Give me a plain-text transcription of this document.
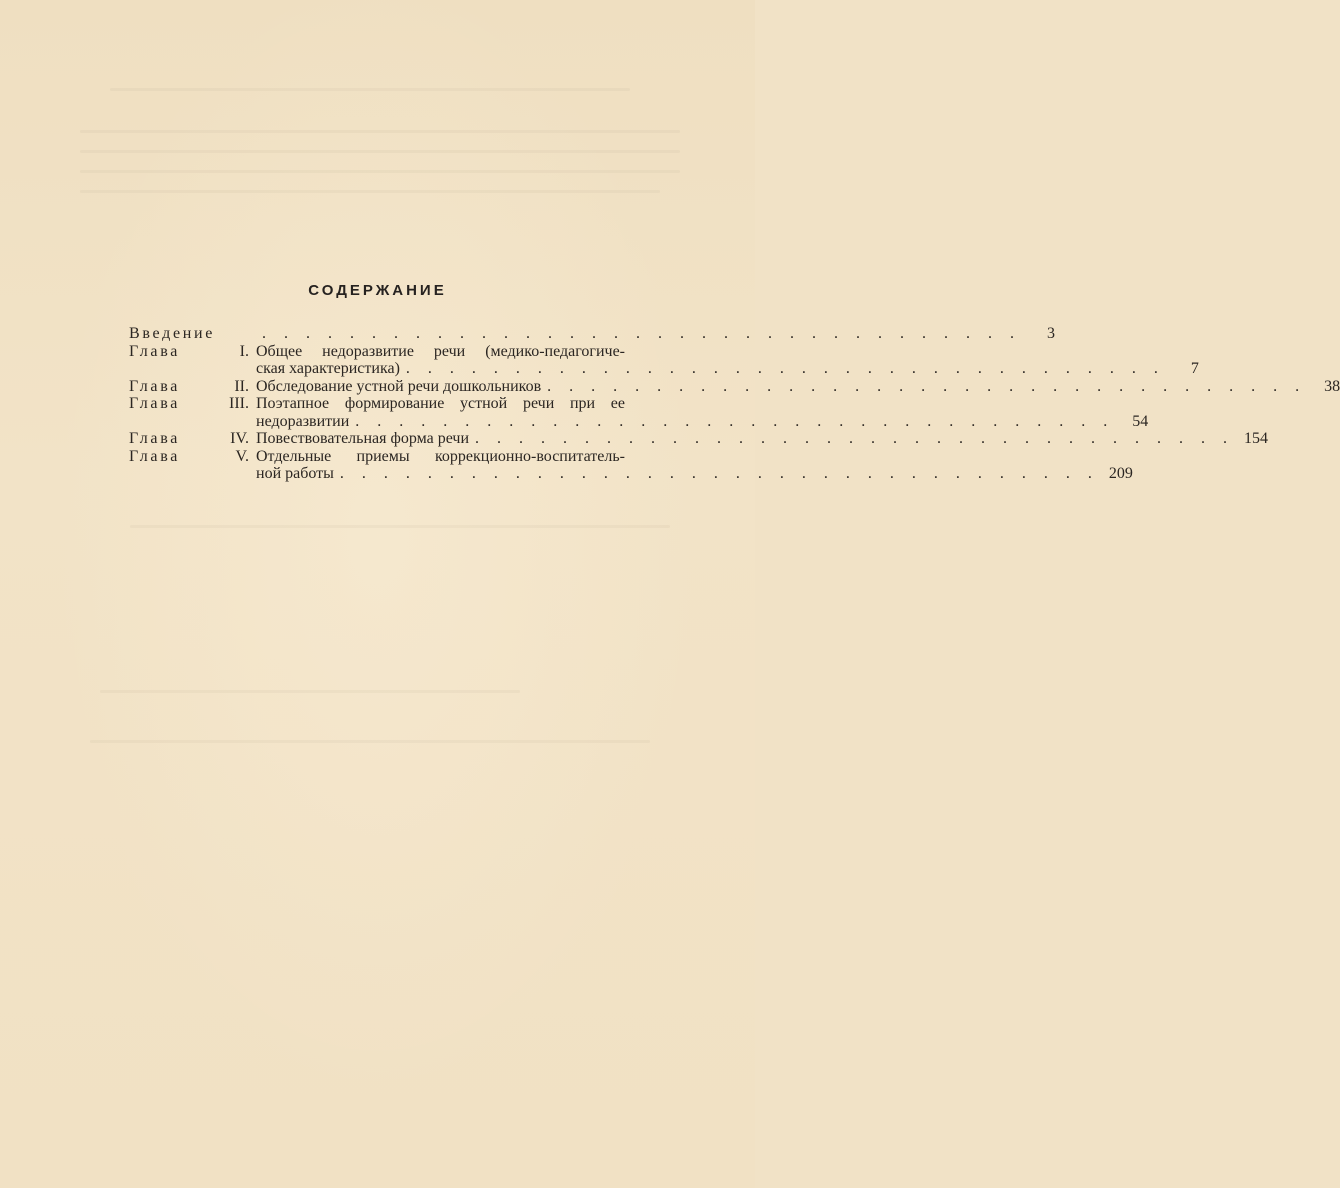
СОДЕРЖАНИЕ
Введение	. . . . . . . . . . . . . . . . . . . . . . . . . . . . . . . . . . .	3
Глава	I. Общее недоразвитие речи (медико-педагогиче-
ская характеристика) . . . . . . . . . . . . . . . . . . . . . . . . . . . . . . . . . . .	7
Глава	II. Обследование устной речи дошкольников . . . . . . . . . . . . . . . . . . . . . . . . . . . . . . . . . . .	38
Глава	III. Поэтапное формирование устной речи при ее
недоразвитии . . . . . . . . . . . . . . . . . . . . . . . . . . . . . . . . . . .	54
Глава	IV. Повествовательная форма речи . . . . . . . . . . . . . . . . . . . . . . . . . . . . . . . . . . . 154
Глава	V. Отдельные приемы коррекционно-воспитатель-
ной работы . . . . . . . . . . . . . . . . . . . . . . . . . . . . . . . . . . . 209
